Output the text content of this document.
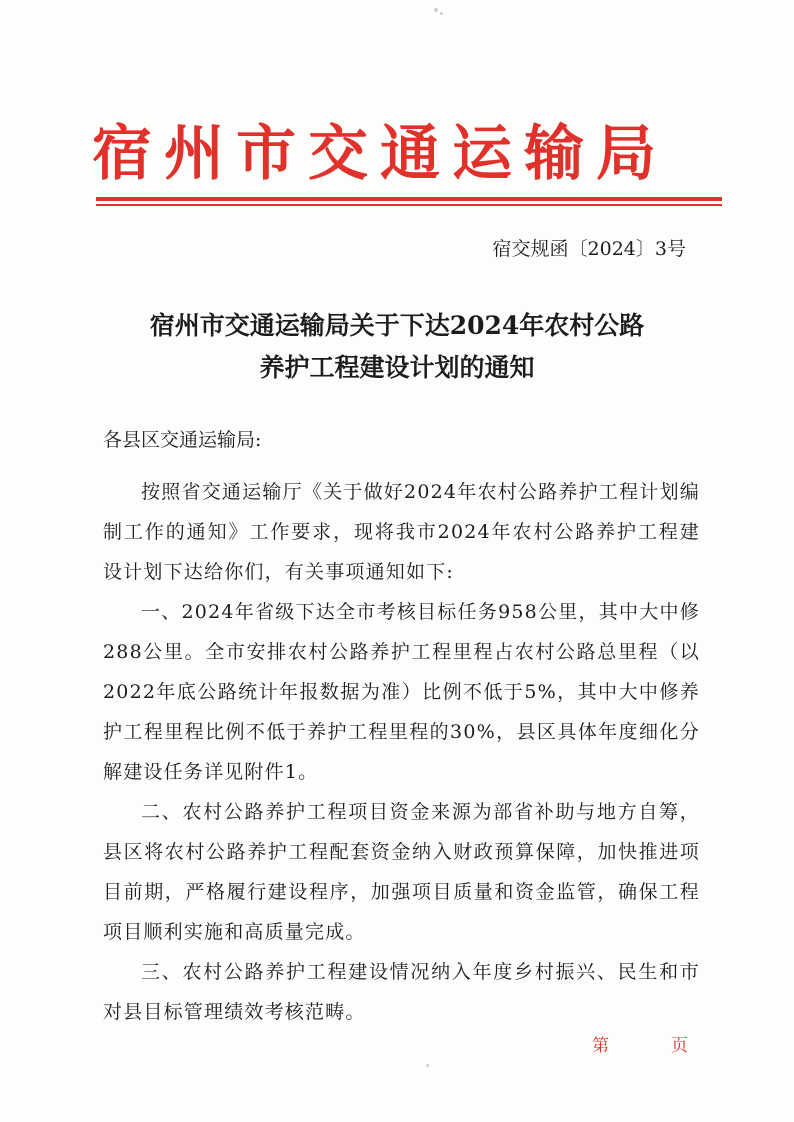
宿州市交通运输局
宿交规函〔2024〕3号
宿州市交通运输局关于下达2024年农村公路
养护工程建设计划的通知
各县区交通运输局:

按照省交通运输厅《关于做好2024年农村公路养护工程计划编制工作的通知》工作要求，现将我市2024年农村公路养护工程建设计划下达给你们，有关事项通知如下:

一、2024年省级下达全市考核目标任务958公里，其中大中修288公里。全市安排农村公路养护工程里程占农村公路总里程（以2022年底公路统计年报数据为准）比例不低于5%，其中大中修养护工程里程比例不低于养护工程里程的30%，县区具体年度细化分解建设任务详见附件1。

二、农村公路养护工程项目资金来源为部省补助与地方自筹，县区将农村公路养护工程配套资金纳入财政预算保障，加快推进项目前期，严格履行建设程序，加强项目质量和资金监管，确保工程项目顺利实施和高质量完成。

三、农村公路养护工程建设情况纳入年度乡村振兴、民生和市对县目标管理绩效考核范畴。

第	页
